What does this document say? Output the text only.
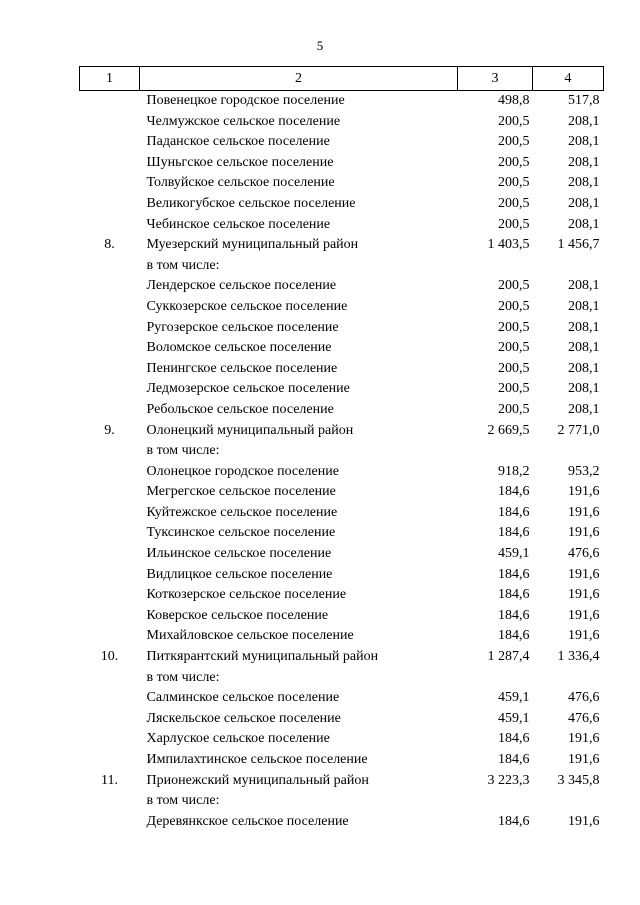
5
1	2	3	4
	Повенецкое городское поселение	498,8	517,8
	Челмужское сельское поселение	200,5	208,1
	Паданское сельское поселение	200,5	208,1
	Шуньгское сельское поселение	200,5	208,1
	Толвуйское сельское поселение	200,5	208,1
	Великогубское сельское поселение	200,5	208,1
	Чебинское сельское поселение	200,5	208,1
8.	Муезерский муниципальный район	1 403,5	1 456,7
	в том числе:		
	Лендерское сельское поселение	200,5	208,1
	Суккозерское сельское поселение	200,5	208,1
	Ругозерское сельское поселение	200,5	208,1
	Воломское сельское поселение	200,5	208,1
	Пенингское сельское поселение	200,5	208,1
	Ледмозерское сельское поселение	200,5	208,1
	Ребольское сельское поселение	200,5	208,1
9.	Олонецкий муниципальный район	2 669,5	2 771,0
	в том числе:		
	Олонецкое городское поселение	918,2	953,2
	Мегрегское сельское поселение	184,6	191,6
	Куйтежское сельское поселение	184,6	191,6
	Туксинское сельское поселение	184,6	191,6
	Ильинское сельское поселение	459,1	476,6
	Видлицкое сельское поселение	184,6	191,6
	Коткозерское сельское поселение	184,6	191,6
	Коверское сельское поселение	184,6	191,6
	Михайловское сельское поселение	184,6	191,6
10.	Питкярантский муниципальный район	1 287,4	1 336,4
	в том числе:		
	Салминское сельское поселение	459,1	476,6
	Ляскельское сельское поселение	459,1	476,6
	Харлуское сельское поселение	184,6	191,6
	Импилахтинское сельское поселение	184,6	191,6
11.	Прионежский муниципальный район	3 223,3	3 345,8
	в том числе:		
	Деревянкское сельское поселение	184,6	191,6
